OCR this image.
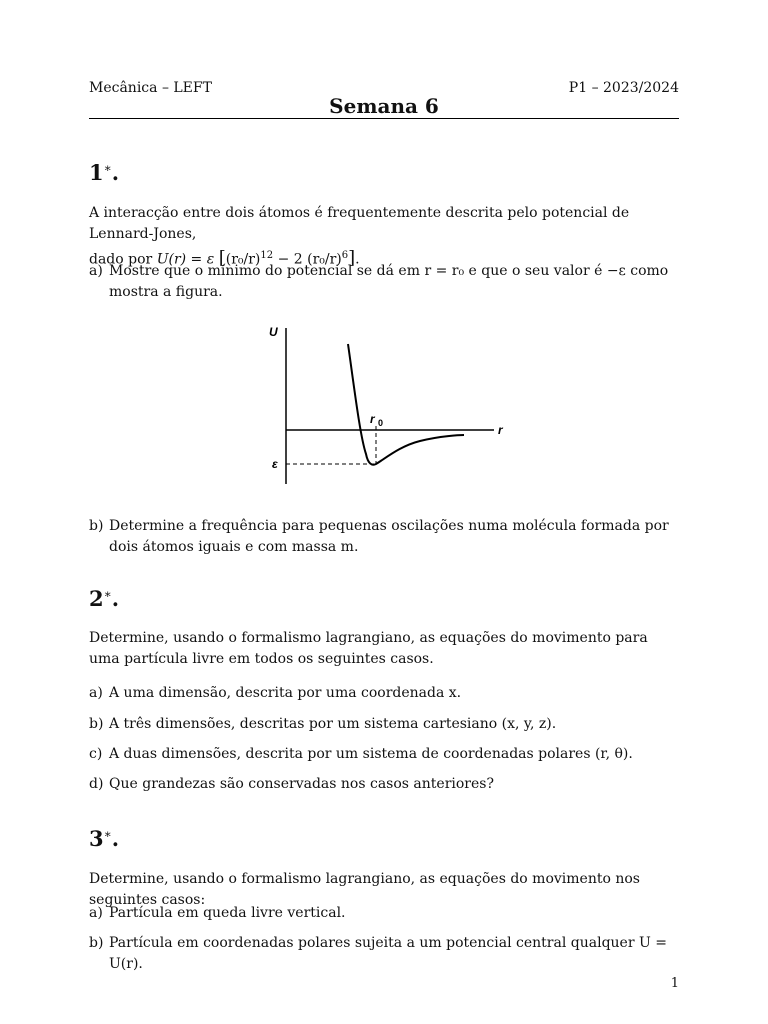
Mecânica – LEFT	P1 – 2023/2024
Semana 6
1∗.
A interacção entre dois átomos é frequentemente descrita pelo potencial de Lennard-Jones,
dado por U(r) = ε [$(r_0/r)^{12} - 2$ $(r_0/r)^6$].
a) Mostre que o mínimo do potencial se dá em r = r₀ e que o seu valor é −ε como mostra a figura.
U
r
r 0
ε
b) Determine a frequência para pequenas oscilações numa molécula formada por dois átomos iguais e com massa m.
2∗.
Determine, usando o formalismo lagrangiano, as equações do movimento para uma partícula livre em todos os seguintes casos.
a) A uma dimensão, descrita por uma coordenada x.
b) A três dimensões, descritas por um sistema cartesiano (x, y, z).
c) A duas dimensões, descrita por um sistema de coordenadas polares (r, θ).
d) Que grandezas são conservadas nos casos anteriores?
3∗.
Determine, usando o formalismo lagrangiano, as equações do movimento nos seguintes casos:
a) Partícula em queda livre vertical.
b) Partícula em coordenadas polares sujeita a um potencial central qualquer U = U(r).
1
